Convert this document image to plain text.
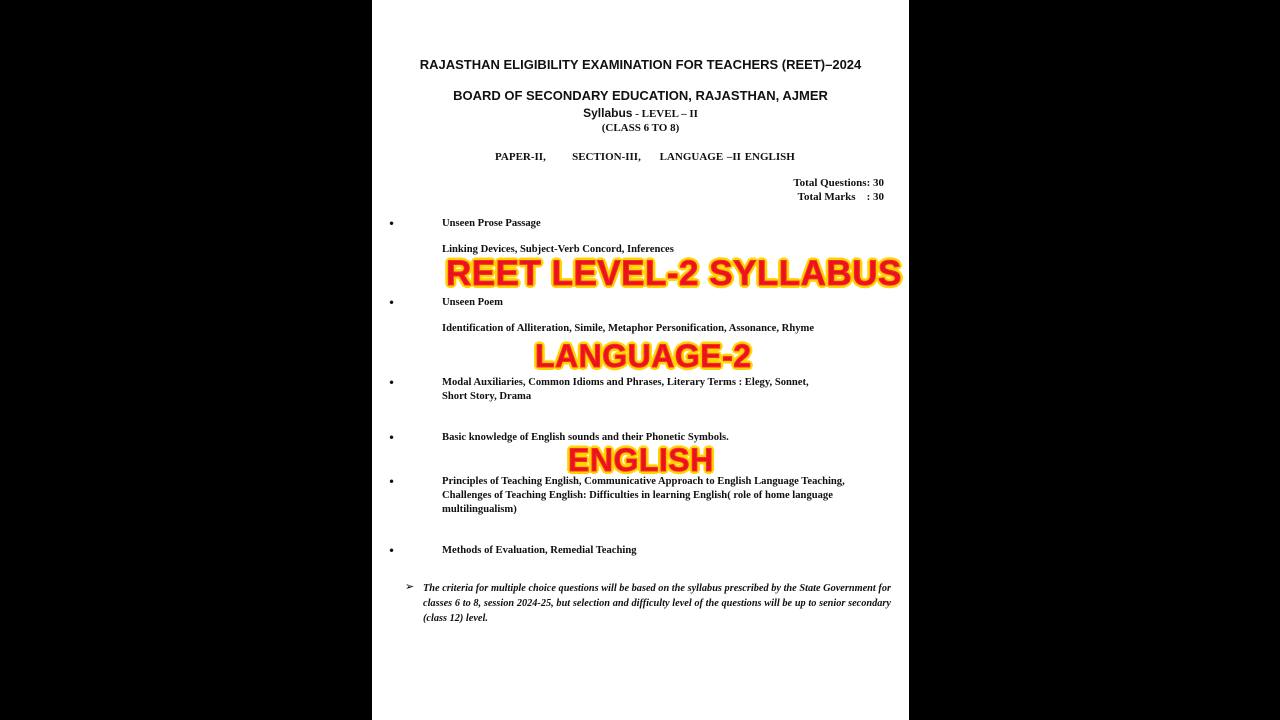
RAJASTHAN ELIGIBILITY EXAMINATION FOR TEACHERS (REET)–2024
BOARD OF SECONDARY EDUCATION, RAJASTHAN, AJMER
Syllabus - LEVEL – II
(CLASS 6 TO 8)
PAPER-II,       SECTION-III,     LANGUAGE –II ENGLISH
Total Questions: 30
Total Marks    : 30
•	Unseen Prose Passage
Linking Devices, Subject-Verb Concord, Inferences
•	Unseen Poem
Identification of Alliteration, Simile, Metaphor Personification, Assonance, Rhyme
•	Modal Auxiliaries, Common Idioms and Phrases, Literary Terms : Elegy, Sonnet, Short Story, Drama
•	Basic knowledge of English sounds and their Phonetic Symbols.
•	Principles of Teaching English, Communicative Approach to English Language Teaching, Challenges of Teaching English: Difficulties in learning English( role of home language multilingualism)
•	Methods of Evaluation, Remedial Teaching
➢ The criteria for multiple choice questions will be based on the syllabus prescribed by the State Government for classes 6 to 8, session 2024-25, but selection and difficulty level of the questions will be up to senior secondary (class 12) level.
REET LEVEL-2 SYLLABUS
LANGUAGE-2
ENGLISH
